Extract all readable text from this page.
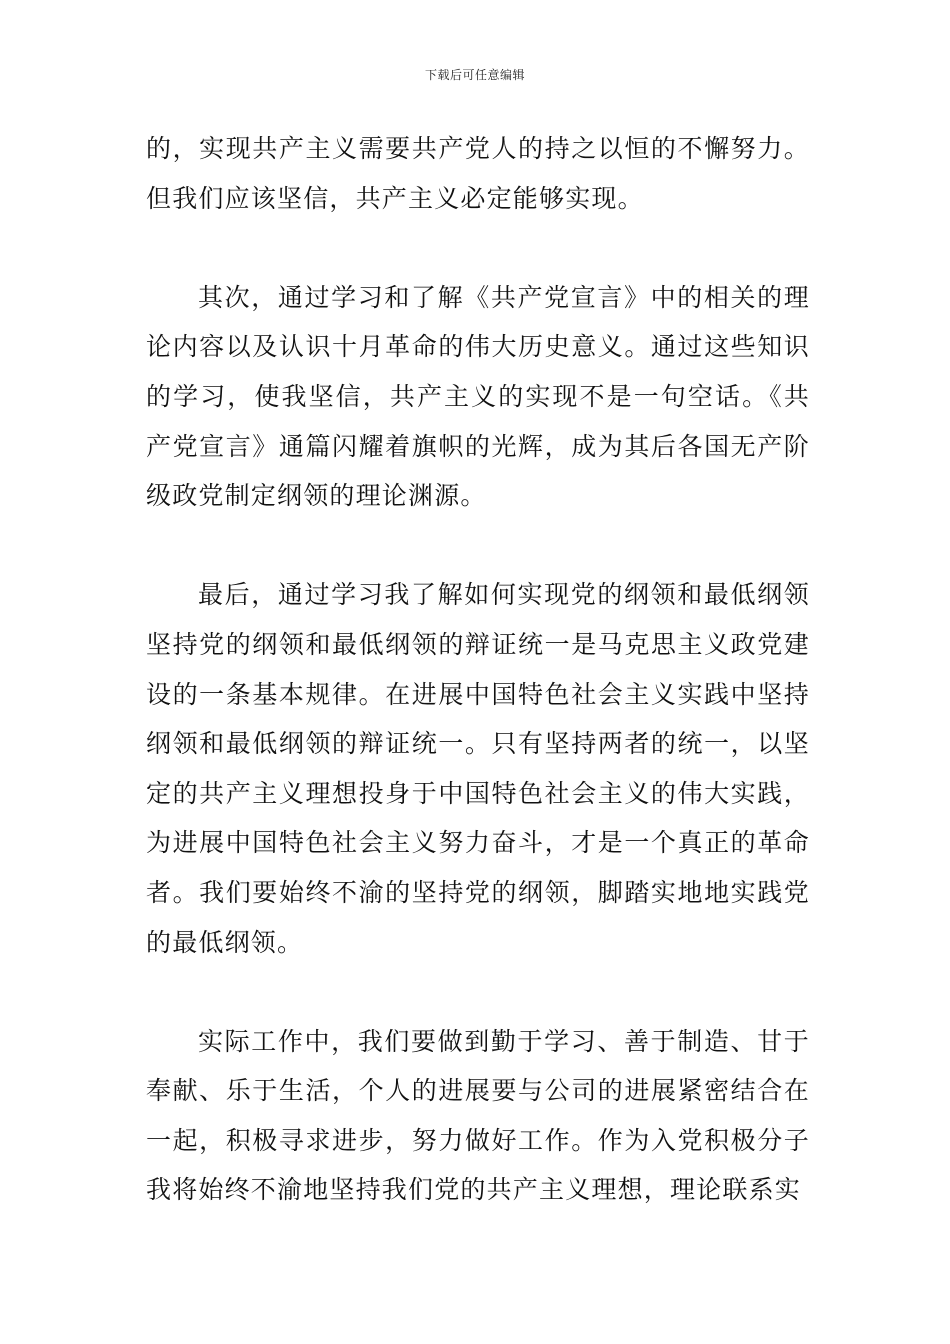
下载后可任意编辑

的，实现共产主义需要共产党人的持之以恒的不懈努力。但我们应该坚信，共产主义必定能够实现。

其次，通过学习和了解《共产党宣言》中的相关的理论内容以及认识十月革命的伟大历史意义。通过这些知识的学习，使我坚信，共产主义的实现不是一句空话。《共产党宣言》通篇闪耀着旗帜的光辉，成为其后各国无产阶级政党制定纲领的理论渊源。

最后，通过学习我了解如何实现党的纲领和最低纲领坚持党的纲领和最低纲领的辩证统一是马克思主义政党建设的一条基本规律。在进展中国特色社会主义实践中坚持纲领和最低纲领的辩证统一。只有坚持两者的统一，以坚定的共产主义理想投身于中国特色社会主义的伟大实践，为进展中国特色社会主义努力奋斗，才是一个真正的革命者。我们要始终不渝的坚持党的纲领，脚踏实地地实践党的最低纲领。

实际工作中，我们要做到勤于学习、善于制造、甘于奉献、乐于生活，个人的进展要与公司的进展紧密结合在一起，积极寻求进步，努力做好工作。作为入党积极分子我将始终不渝地坚持我们党的共产主义理想，理论联系实
